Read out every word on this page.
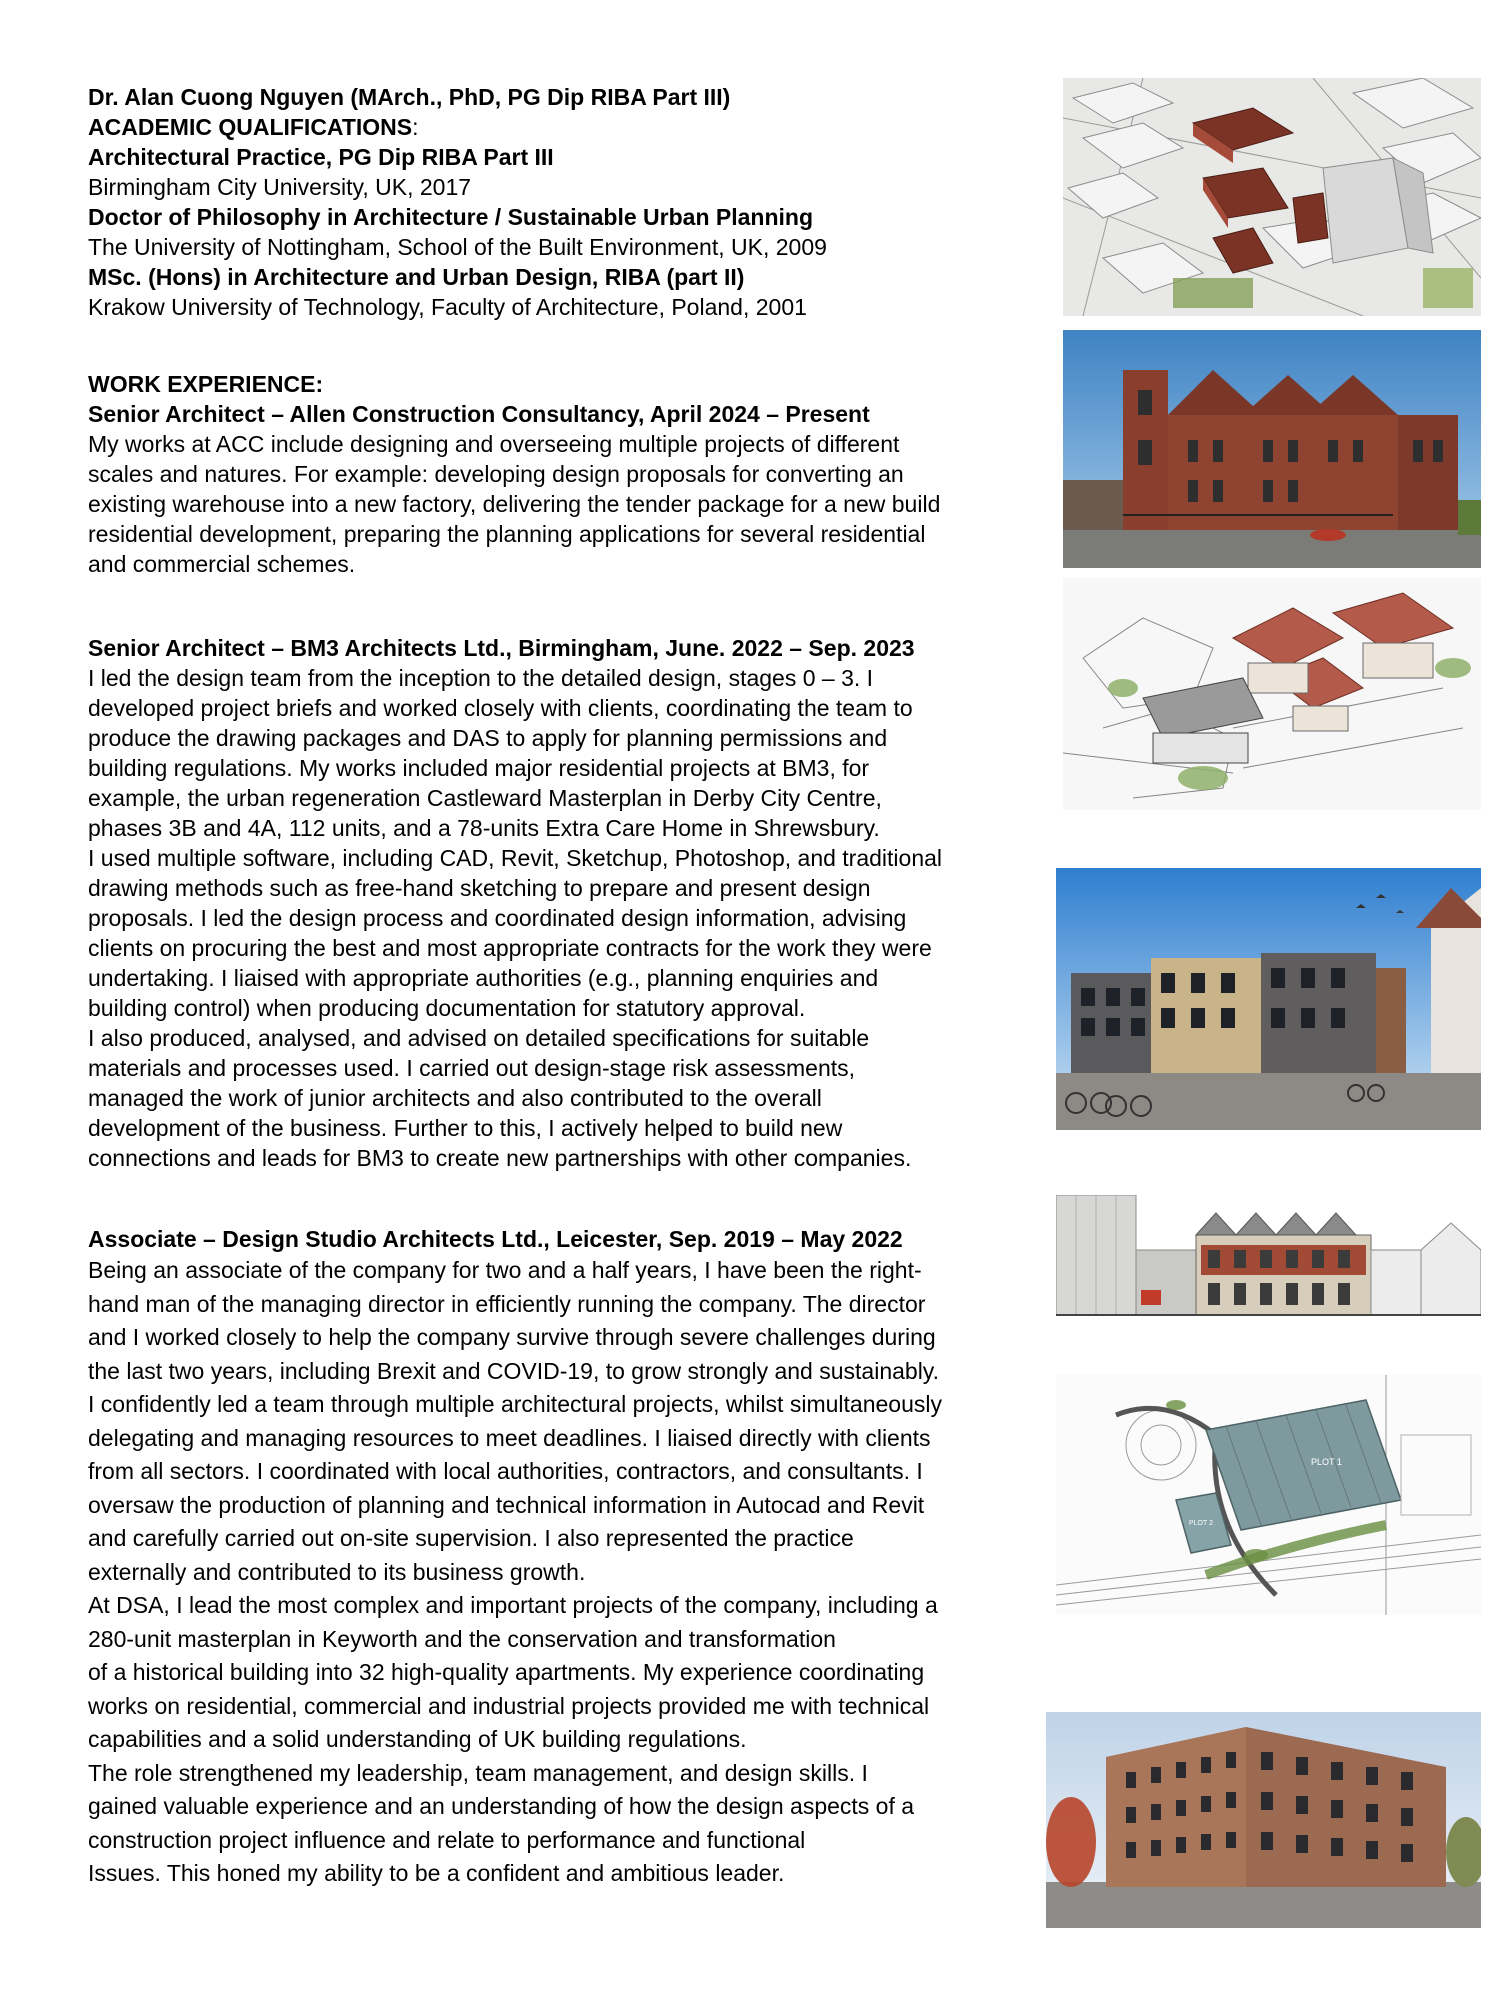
Dr. Alan Cuong Nguyen (MArch., PhD, PG Dip RIBA Part III)
ACADEMIC QUALIFICATIONS:
Architectural Practice, PG Dip RIBA Part III
Birmingham City University, UK, 2017
Doctor of Philosophy in Architecture / Sustainable Urban Planning
The University of Nottingham, School of the Built Environment, UK, 2009
MSc. (Hons) in Architecture and Urban Design, RIBA (part II)
Krakow University of Technology, Faculty of Architecture, Poland, 2001
WORK EXPERIENCE:
Senior Architect – Allen Construction Consultancy, April 2024 – Present
My works at ACC include designing and overseeing multiple projects of different
scales and natures. For example: developing design proposals for converting an
existing warehouse into a new factory, delivering the tender package for a new build
residential development, preparing the planning applications for several residential
and commercial schemes.
Senior Architect – BM3 Architects Ltd., Birmingham, June. 2022 – Sep. 2023
I led the design team from the inception to the detailed design, stages 0 – 3. I
developed project briefs and worked closely with clients, coordinating the team to
produce the drawing packages and DAS to apply for planning permissions and
building regulations. My works included major residential projects at BM3, for
example, the urban regeneration Castleward Masterplan in Derby City Centre,
phases 3B and 4A, 112 units, and a 78-units Extra Care Home in Shrewsbury.
I used multiple software, including CAD, Revit, Sketchup, Photoshop, and traditional
drawing methods such as free-hand sketching to prepare and present design
proposals. I led the design process and coordinated design information, advising
clients on procuring the best and most appropriate contracts for the work they were
undertaking. I liaised with appropriate authorities (e.g., planning enquiries and
building control) when producing documentation for statutory approval.
I also produced, analysed, and advised on detailed specifications for suitable
materials and processes used. I carried out design-stage risk assessments,
managed the work of junior architects and also contributed to the overall
development of the business. Further to this, I actively helped to build new
connections and leads for BM3 to create new partnerships with other companies.
Associate – Design Studio Architects Ltd., Leicester, Sep. 2019 – May 2022
Being an associate of the company for two and a half years, I have been the right-
hand man of the managing director in efficiently running the company. The director
and I worked closely to help the company survive through severe challenges during
the last two years, including Brexit and COVID-19, to grow strongly and sustainably.
I confidently led a team through multiple architectural projects, whilst simultaneously
delegating and managing resources to meet deadlines. I liaised directly with clients
from all sectors. I coordinated with local authorities, contractors, and consultants. I
oversaw the production of planning and technical information in Autocad and Revit
and carefully carried out on-site supervision. I also represented the practice
externally and contributed to its business growth.
At DSA, I lead the most complex and important projects of the company, including a
280-unit masterplan in Keyworth and the conservation and transformation
of a historical building into 32 high-quality apartments. My experience coordinating
works on residential, commercial and industrial projects provided me with technical
capabilities and a solid understanding of UK building regulations.
The role strengthened my leadership, team management, and design skills. I
gained valuable experience and an understanding of how the design aspects of a
construction project influence and relate to performance and functional
Issues. This honed my ability to be a confident and ambitious leader.
PLOT 1
PLOT 2
